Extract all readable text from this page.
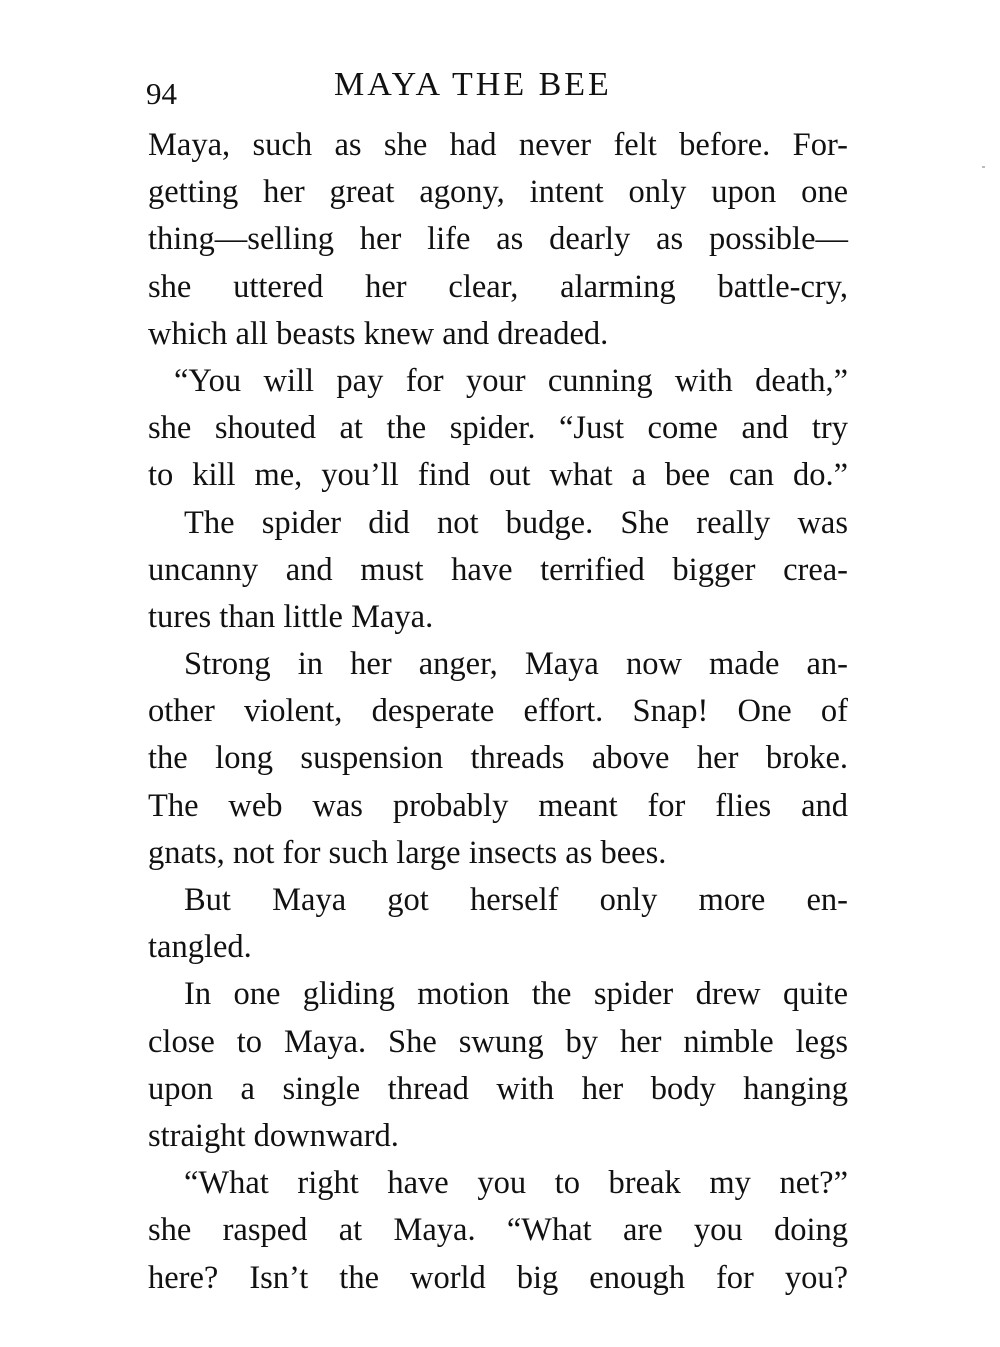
94	MAYA THE BEE
Maya, such as she had never felt before. For-
getting her great agony, intent only upon one
thing—selling her life as dearly as possible—
she uttered her clear, alarming battle-cry,
which all beasts knew and dreaded.
“You will pay for your cunning with death,”
she shouted at the spider. “Just come and try
to kill me, you’ll find out what a bee can do.”
The spider did not budge. She really was
uncanny and must have terrified bigger crea-
tures than little Maya.
Strong in her anger, Maya now made an-
other violent, desperate effort. Snap! One of
the long suspension threads above her broke.
The web was probably meant for flies and
gnats, not for such large insects as bees.
But Maya got herself only more en-
tangled.
In one gliding motion the spider drew quite
close to Maya. She swung by her nimble legs
upon a single thread with her body hanging
straight downward.
“What right have you to break my net?”
she rasped at Maya. “What are you doing
here? Isn’t the world big enough for you?
